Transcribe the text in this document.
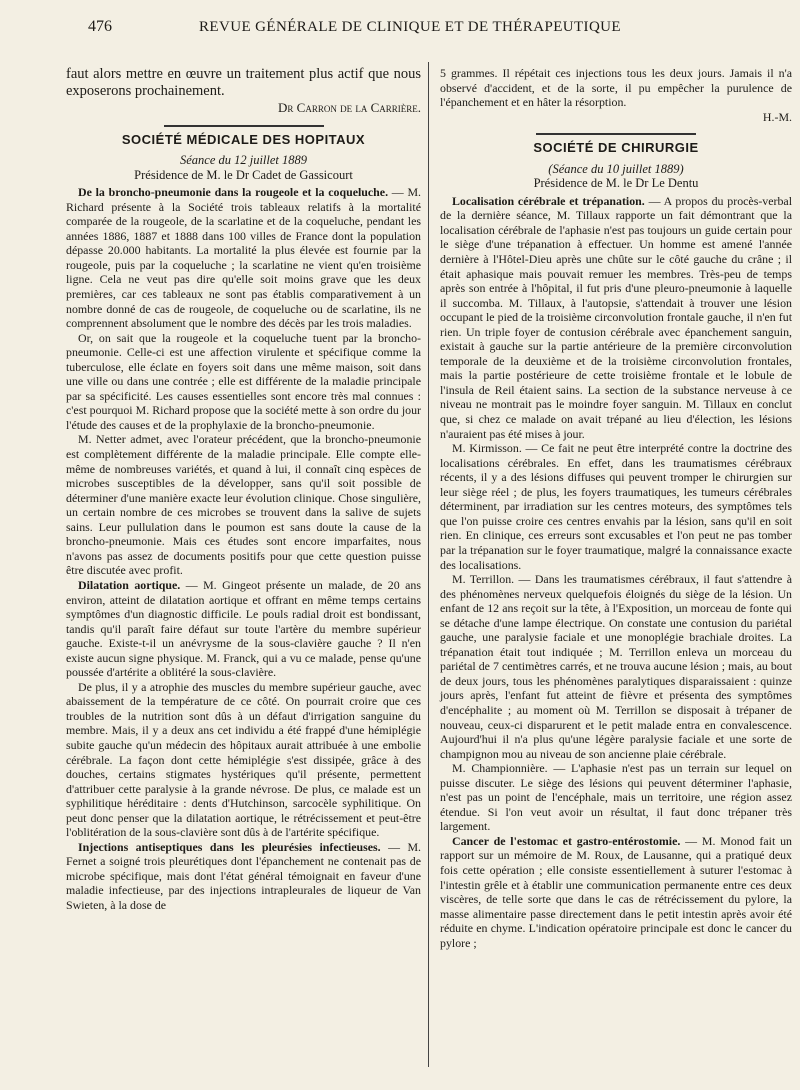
476	REVUE GÉNÉRALE DE CLINIQUE ET DE THÉRAPEUTIQUE

faut alors mettre en œuvre un traitement plus actif que nous exposerons prochainement.

Dr Carron de la Carrière.

SOCIÉTÉ MÉDICALE DES HOPITAUX
Séance du 12 juillet 1889
Présidence de M. le Dr Cadet de Gassicourt

De la broncho-pneumonie dans la rougeole et la coqueluche. — M. Richard présente à la Société trois tableaux relatifs à la mortalité comparée de la rougeole, de la scarlatine et de la coqueluche, pendant les années 1886, 1887 et 1888 dans 100 villes de France dont la population dépasse 20.000 habitants. La mortalité la plus élevée est fournie par la rougeole, puis par la coqueluche ; la scarlatine ne vient qu'en troisième ligne. Cela ne veut pas dire qu'elle soit moins grave que les deux premières, car ces tableaux ne sont pas établis comparativement à un nombre donné de cas de rougeole, de coqueluche ou de scarlatine, ils ne comprennent absolument que le nombre des décès par les trois maladies.

Or, on sait que la rougeole et la coqueluche tuent par la broncho-pneumonie. Celle-ci est une affection virulente et spécifique comme la tuberculose, elle éclate en foyers soit dans une même maison, soit dans une ville ou dans une contrée ; elle est différente de la maladie principale par sa spécificité. Les causes essentielles sont encore très mal connues : c'est pourquoi M. Richard propose que la société mette à son ordre du jour l'étude des causes et de la prophylaxie de la broncho-pneumonie.

M. Netter admet, avec l'orateur précédent, que la broncho-pneumonie est complètement différente de la maladie principale. Elle compte elle-même de nombreuses variétés, et quand à lui, il connaît cinq espèces de microbes susceptibles de la développer, sans qu'il soit possible de déterminer d'une manière exacte leur évolution clinique. Chose singulière, un certain nombre de ces microbes se trouvent dans la salive de sujets sains. Leur pullulation dans le poumon est sans doute la cause de la broncho-pneumonie. Mais ces études sont encore imparfaites, nous n'avons pas assez de documents positifs pour que cette question puisse être discutée avec profit.

Dilatation aortique. — M. Gingeot présente un malade, de 20 ans environ, atteint de dilatation aortique et offrant en même temps certains symptômes d'un diagnostic difficile. Le pouls radial droit est bondissant, tandis qu'il paraît faire défaut sur toute l'artère du membre supérieur gauche. Existe-t-il un anévrysme de la sous-clavière gauche ? Il n'en existe aucun signe physique. M. Franck, qui a vu ce malade, pense qu'une poussée d'artérite a oblitéré la sous-clavière.

De plus, il y a atrophie des muscles du membre supérieur gauche, avec abaissement de la température de ce côté. On pourrait croire que ces troubles de la nutrition sont dûs à un défaut d'irrigation sanguine du membre. Mais, il y a deux ans cet individu a été frappé d'une hémiplégie subite gauche qu'un médecin des hôpitaux aurait attribuée à une embolie cérébrale. La façon dont cette hémiplégie s'est dissipée, grâce à des douches, certains stigmates hystériques qu'il présente, permettent d'attribuer cette paralysie à la grande névrose. De plus, ce malade est un syphilitique héréditaire : dents d'Hutchinson, sarcocèle syphilitique. On peut donc penser que la dilatation aortique, le rétrécissement et peut-être l'oblitération de la sous-clavière sont dûs à de l'artérite spécifique.

Injections antiseptiques dans les pleurésies infectieuses. — M. Fernet a soigné trois pleurétiques dont l'épanchement ne contenait pas de microbe spécifique, mais dont l'état général témoignait en faveur d'une maladie infectieuse, par des injections intrapleurales de liqueur de Van Swieten, à la dose de

5 grammes. Il répétait ces injections tous les deux jours. Jamais il n'a observé d'accident, et de la sorte, il pu empêcher la purulence de l'épanchement et en hâter la résorption.

H.-M.

SOCIÉTÉ DE CHIRURGIE
(Séance du 10 juillet 1889)
Présidence de M. le Dr Le Dentu

Localisation cérébrale et trépanation. — A propos du procès-verbal de la dernière séance, M. Tillaux rapporte un fait démontrant que la localisation cérébrale de l'aphasie n'est pas toujours un guide certain pour le siège d'une trépanation à effectuer. Un homme est amené l'année dernière à l'Hôtel-Dieu après une chûte sur le côté gauche du crâne ; il était aphasique mais pouvait remuer les membres. Très-peu de temps après son entrée à l'hôpital, il fut pris d'une pleuro-pneumonie à laquelle il succomba. M. Tillaux, à l'autopsie, s'attendait à trouver une lésion occupant le pied de la troisième circonvolution frontale gauche, il n'en fut rien. Un triple foyer de contusion cérébrale avec épanchement sanguin, existait à gauche sur la partie antérieure de la première circonvolution temporale de la deuxième et de la troisième circonvolution frontales, mais la partie postérieure de cette troisième frontale et le lobule de l'insula de Reil étaient sains. La section de la substance nerveuse à ce niveau ne montrait pas le moindre foyer sanguin. M. Tillaux en conclut que, si chez ce malade on avait trépané au lieu d'élection, les lésions n'auraient pas été mises à jour.

M. Kirmisson. — Ce fait ne peut être interprété contre la doctrine des localisations cérébrales. En effet, dans les traumatismes cérébraux récents, il y a des lésions diffuses qui peuvent tromper le chirurgien sur leur siège réel ; de plus, les foyers traumatiques, les tumeurs cérébrales déterminent, par irradiation sur les centres moteurs, des symptômes tels que l'on puisse croire ces centres envahis par la lésion, sans qu'il en soit rien. En clinique, ces erreurs sont excusables et l'on peut ne pas tomber par la trépanation sur le foyer traumatique, malgré la connaissance exacte des localisations.

M. Terrillon. — Dans les traumatismes cérébraux, il faut s'attendre à des phénomènes nerveux quelquefois éloignés du siège de la lésion. Un enfant de 12 ans reçoit sur la tête, à l'Exposition, un morceau de fonte qui se détache d'une lampe électrique. On constate une contusion du pariétal gauche, une paralysie faciale et une monoplégie brachiale droites. La trépanation était tout indiquée ; M. Terrillon enleva un morceau du pariétal de 7 centimètres carrés, et ne trouva aucune lésion ; mais, au bout de deux jours, tous les phénomènes paralytiques disparaissaient : quinze jours après, l'enfant fut atteint de fièvre et présenta des symptômes d'encéphalite ; au moment où M. Terrillon se disposait à trépaner de nouveau, ceux-ci disparurent et le petit malade entra en convalescence. Aujourd'hui il n'a plus qu'une légère paralysie faciale et une sorte de champignon mou au niveau de son ancienne plaie cérébrale.

M. Championnière. — L'aphasie n'est pas un terrain sur lequel on puisse discuter. Le siège des lésions qui peuvent déterminer l'aphasie, n'est pas un point de l'encéphale, mais un territoire, une région assez étendue. Si l'on veut avoir un résultat, il faut donc trépaner très largement.

Cancer de l'estomac et gastro-entérostomie. — M. Monod fait un rapport sur un mémoire de M. Roux, de Lausanne, qui a pratiqué deux fois cette opération ; elle consiste essentiellement à suturer l'estomac à l'intestin grêle et à établir une communication permanente entre ces deux viscères, de telle sorte que dans le cas de rétrécissement du pylore, la masse alimentaire passe directement dans le petit intestin après avoir été réduite en chyme. L'indication opératoire principale est donc le cancer du pylore ;
